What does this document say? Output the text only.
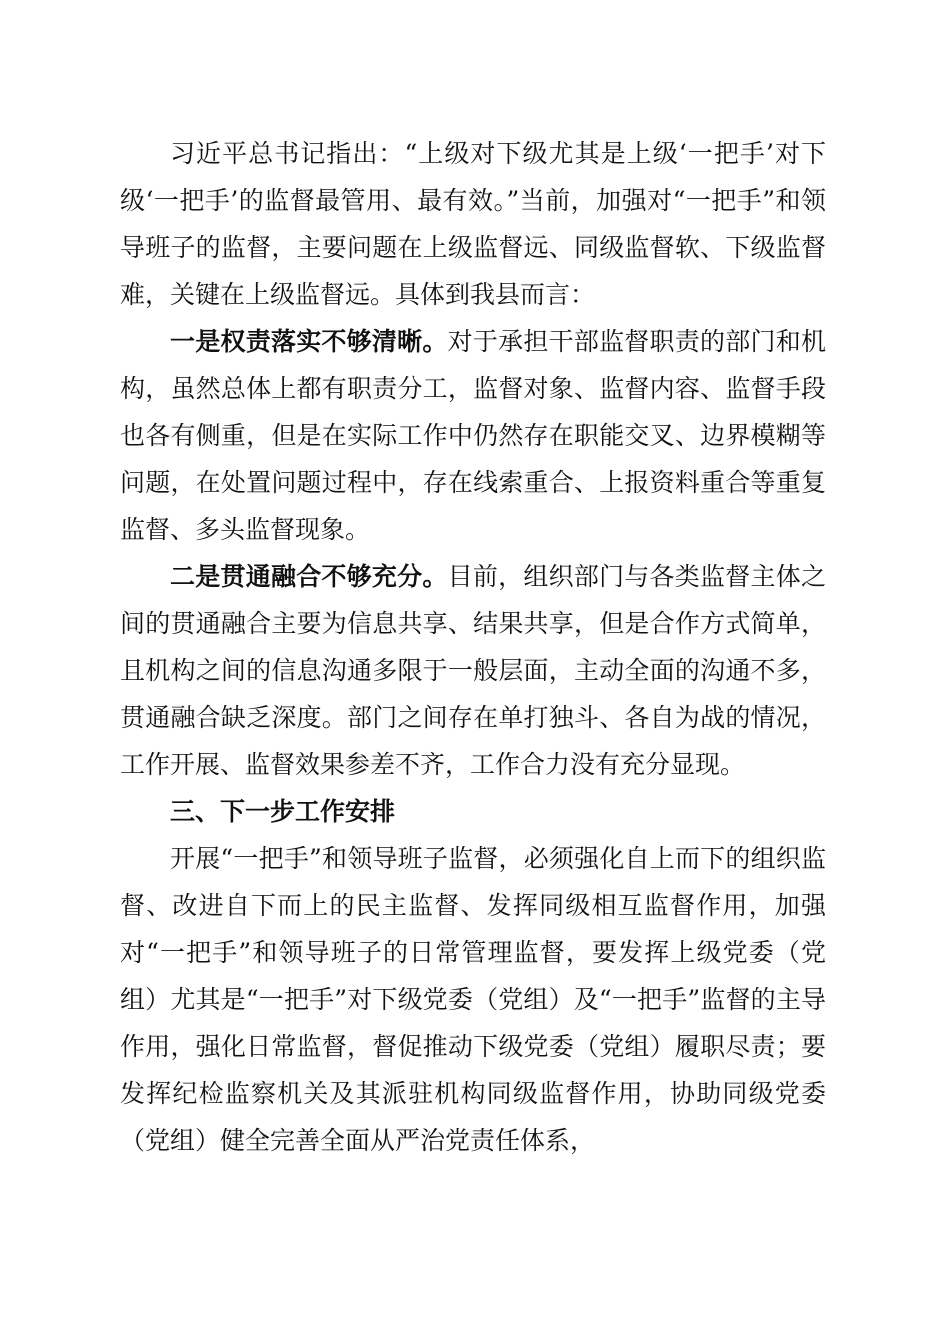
习近平总书记指出：“上级对下级尤其是上级‘一把手’对下级‘一把手’的监督最管用、最有效。”当前，加强对“一把手”和领导班子的监督，主要问题在上级监督远、同级监督软、下级监督难，关键在上级监督远。具体到我县而言：

一是权责落实不够清晰。对于承担干部监督职责的部门和机构，虽然总体上都有职责分工，监督对象、监督内容、监督手段也各有侧重，但是在实际工作中仍然存在职能交叉、边界模糊等问题，在处置问题过程中，存在线索重合、上报资料重合等重复监督、多头监督现象。

二是贯通融合不够充分。目前，组织部门与各类监督主体之间的贯通融合主要为信息共享、结果共享，但是合作方式简单，且机构之间的信息沟通多限于一般层面，主动全面的沟通不多，贯通融合缺乏深度。部门之间存在单打独斗、各自为战的情况，工作开展、监督效果参差不齐，工作合力没有充分显现。

三、下一步工作安排

开展“一把手”和领导班子监督，必须强化自上而下的组织监督、改进自下而上的民主监督、发挥同级相互监督作用，加强对“一把手”和领导班子的日常管理监督，要发挥上级党委（党组）尤其是“一把手”对下级党委（党组）及“一把手”监督的主导作用，强化日常监督，督促推动下级党委（党组）履职尽责；要发挥纪检监察机关及其派驻机构同级监督作用，协助同级党委（党组）健全完善全面从严治党责任体系，
